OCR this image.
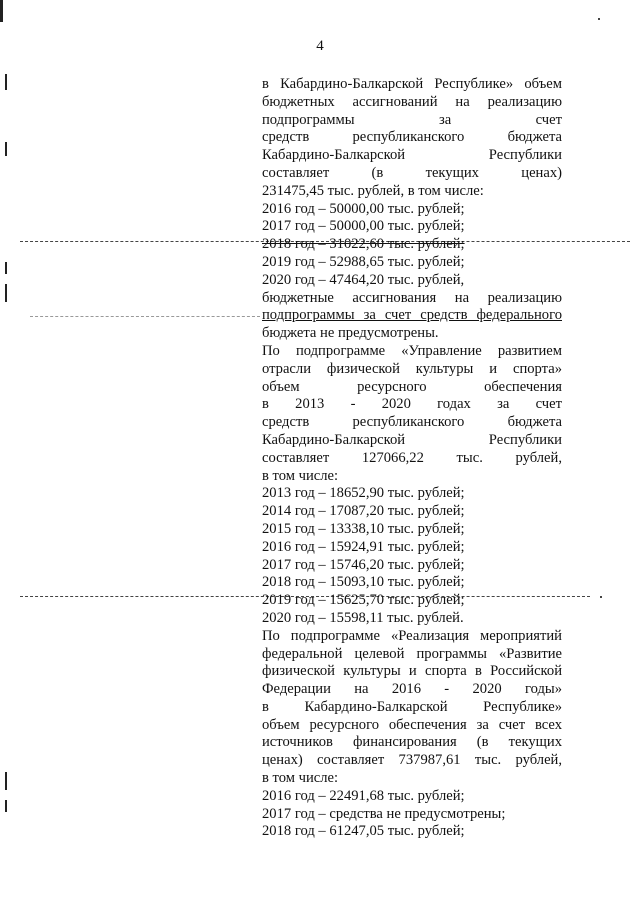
4
в Кабардино-Балкарской Республике» объем
бюджетных ассигнований на реализацию
подпрограммы за счет
средств республиканского бюджета
Кабардино-Балкарской Республики
составляет (в текущих ценах)
231475,45 тыс. рублей, в том числе:
2016 год – 50000,00 тыс. рублей;
2017 год – 50000,00 тыс. рублей;
2018 год – 31022,60 тыс. рублей;
2019 год – 52988,65 тыс. рублей;
2020 год – 47464,20 тыс. рублей,
бюджетные ассигнования на реализацию
подпрограммы за счет средств федерального
бюджета не предусмотрены.
По подпрограмме «Управление развитием
отрасли физической культуры и спорта»
объем ресурсного обеспечения
в 2013 - 2020 годах за счет
средств республиканского бюджета
Кабардино-Балкарской Республики
составляет 127066,22 тыс. рублей,
в том числе:
2013 год – 18652,90 тыс. рублей;
2014 год – 17087,20 тыс. рублей;
2015 год – 13338,10 тыс. рублей;
2016 год – 15924,91 тыс. рублей;
2017 год – 15746,20 тыс. рублей;
2018 год – 15093,10 тыс. рублей;
2019 год – 15625,70 тыс. рублей;
2020 год – 15598,11 тыс. рублей.
По подпрограмме «Реализация мероприятий
федеральной целевой программы «Развитие
физической культуры и спорта в Российской
Федерации на 2016 - 2020 годы»
в Кабардино-Балкарской Республике»
объем ресурсного обеспечения за счет всех
источников финансирования (в текущих
ценах) составляет 737987,61 тыс. рублей,
в том числе:
2016 год – 22491,68 тыс. рублей;
2017 год – средства не предусмотрены;
2018 год – 61247,05 тыс. рублей;
